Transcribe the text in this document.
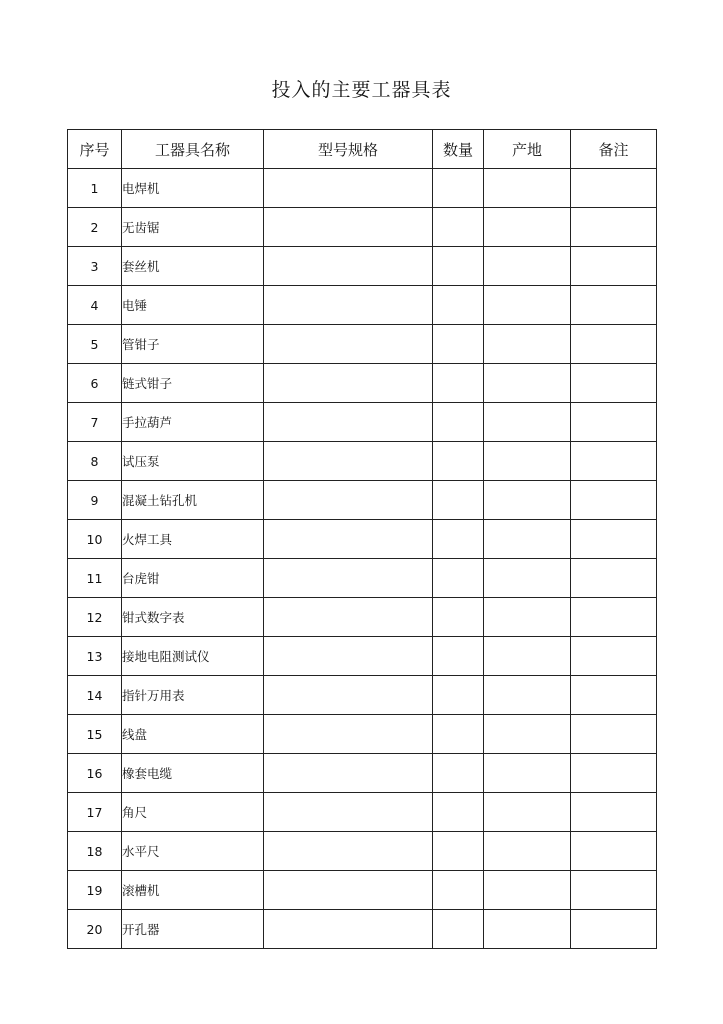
投入的主要工器具表
序号	工器具名称	型号规格	数量	产地	备注
1	电焊机				
2	无齿锯				
3	套丝机				
4	电锤				
5	管钳子				
6	链式钳子				
7	手拉葫芦				
8	试压泵				
9	混凝土钻孔机				
10	火焊工具				
11	台虎钳				
12	钳式数字表				
13	接地电阻测试仪				
14	指针万用表				
15	线盘				
16	橡套电缆				
17	角尺				
18	水平尺				
19	滚槽机				
20	开孔器				
